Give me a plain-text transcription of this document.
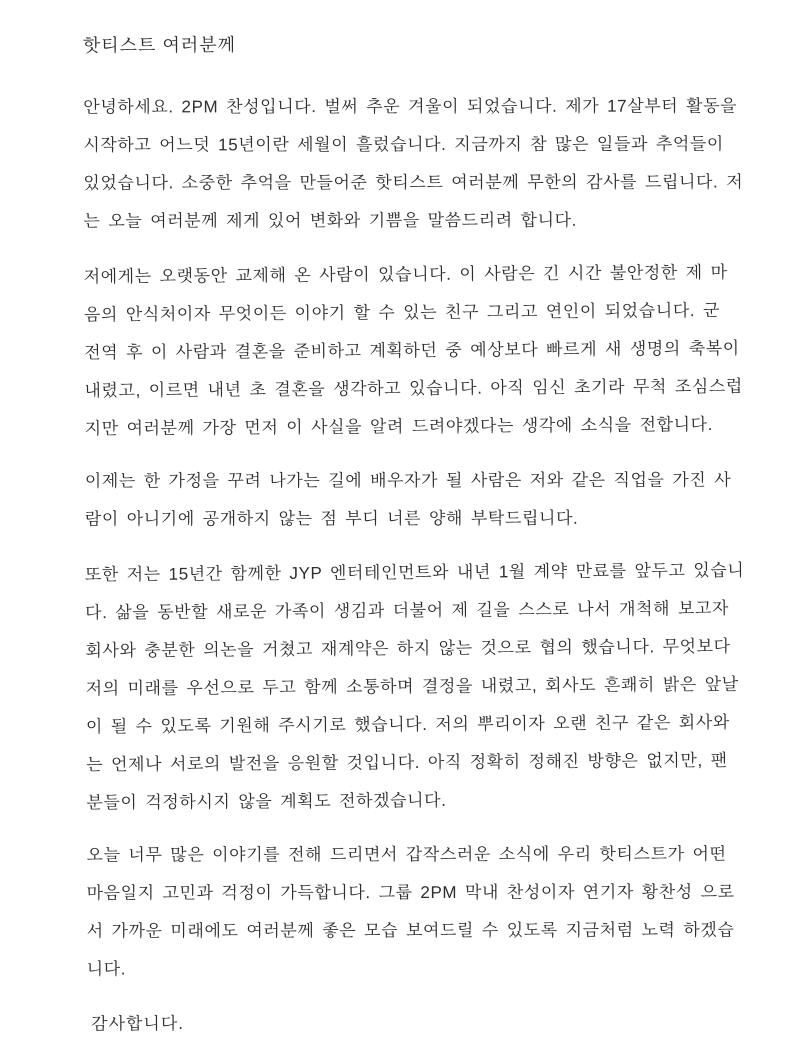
핫티스트 여러분께

안녕하세요. 2PM 찬성입니다. 벌써 추운 겨울이 되었습니다. 제가 17살부터 활동을 시작하고 어느덧 15년이란 세월이 흘렀습니다. 지금까지 참 많은 일들과 추억들이 있었습니다. 소중한 추억을 만들어준 핫티스트 여러분께 무한의 감사를 드립니다. 저는 오늘 여러분께 제게 있어 변화와 기쁨을 말씀드리려 합니다.

저에게는 오랫동안 교제해 온 사람이 있습니다. 이 사람은 긴 시간 불안정한 제 마음의 안식처이자 무엇이든 이야기 할 수 있는 친구 그리고 연인이 되었습니다. 군 전역 후 이 사람과 결혼을 준비하고 계획하던 중 예상보다 빠르게 새 생명의 축복이 내렸고, 이르면 내년 초 결혼을 생각하고 있습니다. 아직 임신 초기라 무척 조심스럽지만 여러분께 가장 먼저 이 사실을 알려 드려야겠다는 생각에 소식을 전합니다.

이제는 한 가정을 꾸려 나가는 길에 배우자가 될 사람은 저와 같은 직업을 가진 사람이 아니기에 공개하지 않는 점 부디 너른 양해 부탁드립니다.

또한 저는 15년간 함께한 JYP 엔터테인먼트와 내년 1월 계약 만료를 앞두고 있습니다. 삶을 동반할 새로운 가족이 생김과 더불어 제 길을 스스로 나서 개척해 보고자 회사와 충분한 의논을 거쳤고 재계약은 하지 않는 것으로 협의 했습니다. 무엇보다 저의 미래를 우선으로 두고 함께 소통하며 결정을 내렸고, 회사도 흔쾌히 밝은 앞날이 될 수 있도록 기원해 주시기로 했습니다. 저의 뿌리이자 오랜 친구 같은 회사와는 언제나 서로의 발전을 응원할 것입니다. 아직 정확히 정해진 방향은 없지만, 팬 분들이 걱정하시지 않을 계획도 전하겠습니다.

오늘 너무 많은 이야기를 전해 드리면서 갑작스러운 소식에 우리 핫티스트가 어떤 마음일지 고민과 걱정이 가득합니다. 그룹 2PM 막내 찬성이자 연기자 황찬성 으로서 가까운 미래에도 여러분께 좋은 모습 보여드릴 수 있도록 지금처럼 노력 하겠습니다.

감사합니다.
